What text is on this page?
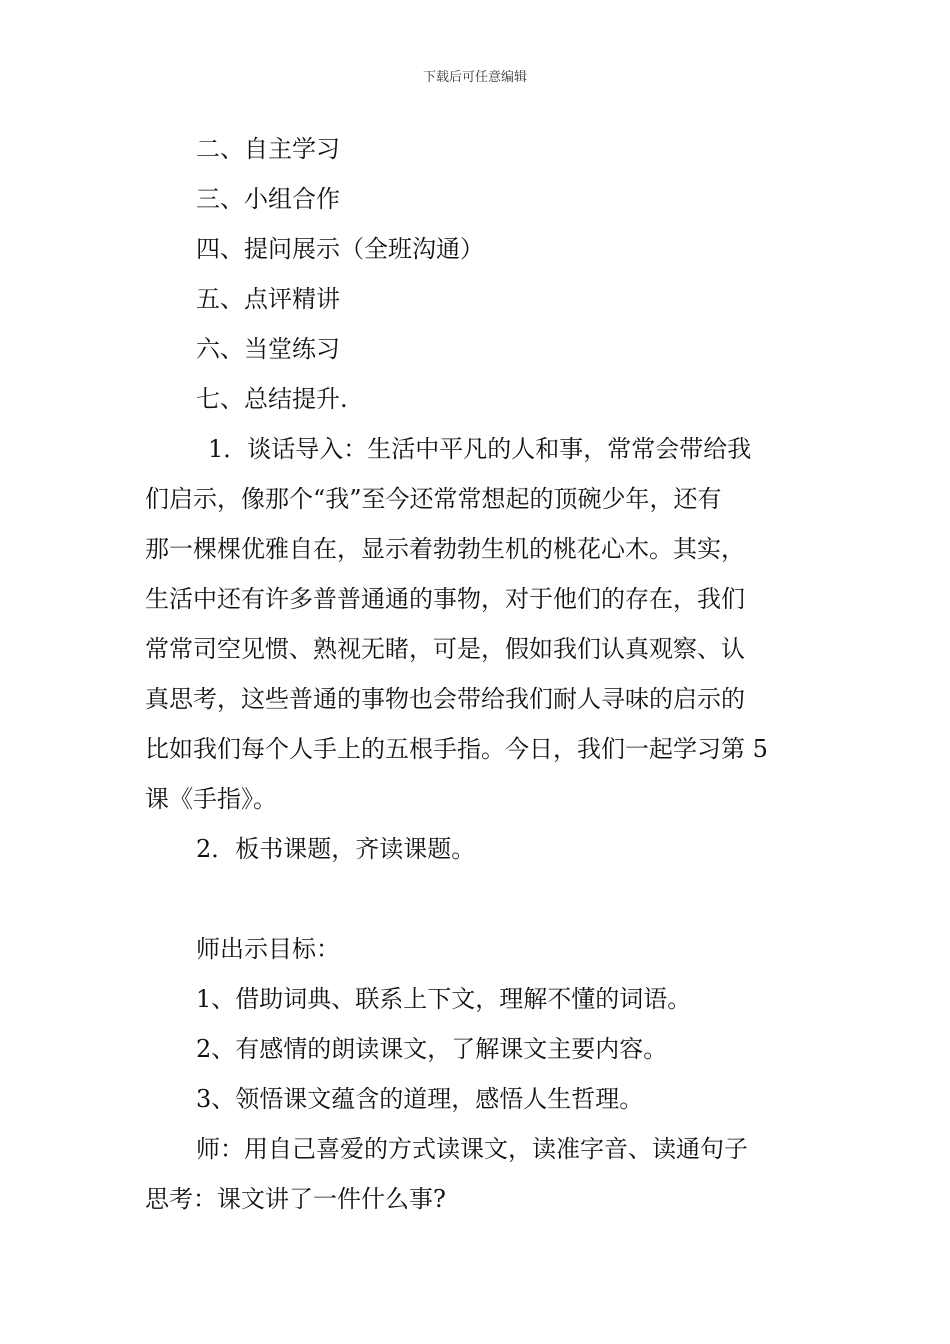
下载后可任意编辑

二、自主学习

三、小组合作

四、提问展示（全班沟通）

五、点评精讲

六、当堂练习

七、总结提升.

1．谈话导入：生活中平凡的人和事，常常会带给我

们启示，像那个“我”至今还常常想起的顶碗少年，还有

那一棵棵优雅自在，显示着勃勃生机的桃花心木。其实，

生活中还有许多普普通通的事物，对于他们的存在，我们

常常司空见惯、熟视无睹，可是，假如我们认真观察、认

真思考，这些普通的事物也会带给我们耐人寻味的启示的

比如我们每个人手上的五根手指。今日，我们一起学习第 5

课《手指》。

2．板书课题，齐读课题。

师出示目标：

1、借助词典、联系上下文，理解不懂的词语。

2、有感情的朗读课文，了解课文主要内容。

3、领悟课文蕴含的道理，感悟人生哲理。

师：用自己喜爱的方式读课文，读准字音、读通句子

思考：课文讲了一件什么事?
